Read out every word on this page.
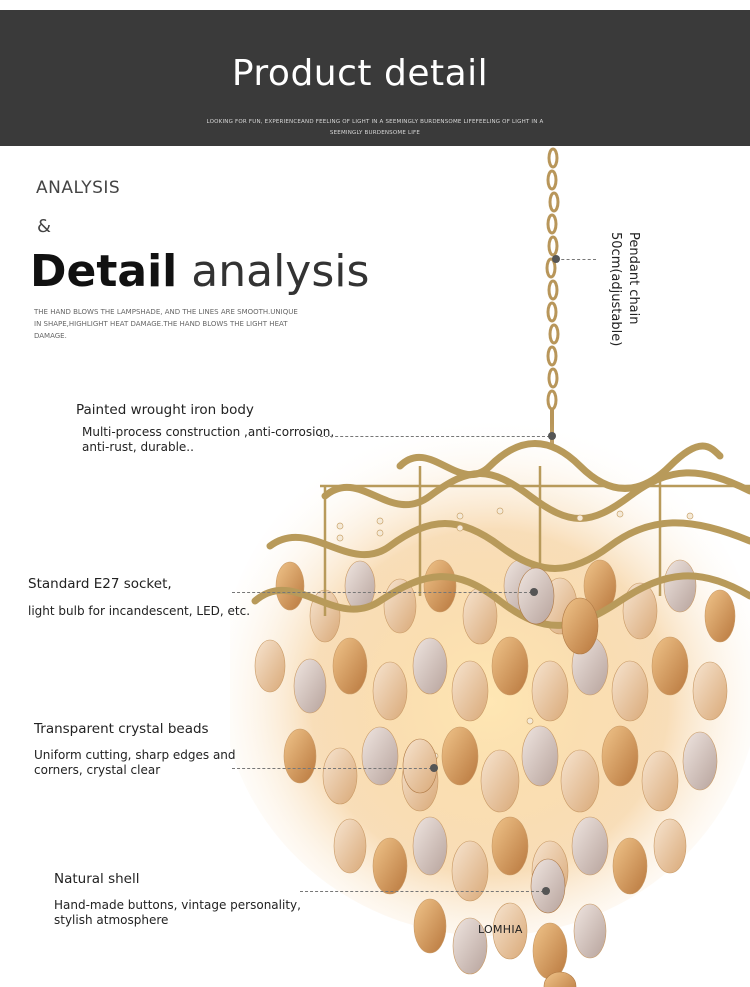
Product detail
LOOKING FOR FUN, EXPERIENCEAND FEELING OF LIGHT IN A SEEMINGLY BURDENSOME LIFEFEELING OF LIGHT IN A SEEMINGLY BURDENSOME LIFE
ANALYSIS
&
Detail analysis
THE HAND BLOWS THE LAMPSHADE, AND THE LINES ARE SMOOTH.UNIQUE IN SHAPE,HIGHLIGHT HEAT DAMAGE.THE HAND BLOWS THE LIGHT HEAT DAMAGE.
Pendant chain
50cm(adjustable)
Painted wrought iron body
Multi-process construction ,anti-corrosion, anti-rust, durable..
Standard E27 socket,
light bulb for incandescent, LED, etc.
Transparent crystal beads
Uniform cutting, sharp edges and corners, crystal clear
Natural shell
Hand-made buttons, vintage personality, stylish atmosphere
LOMHIA
